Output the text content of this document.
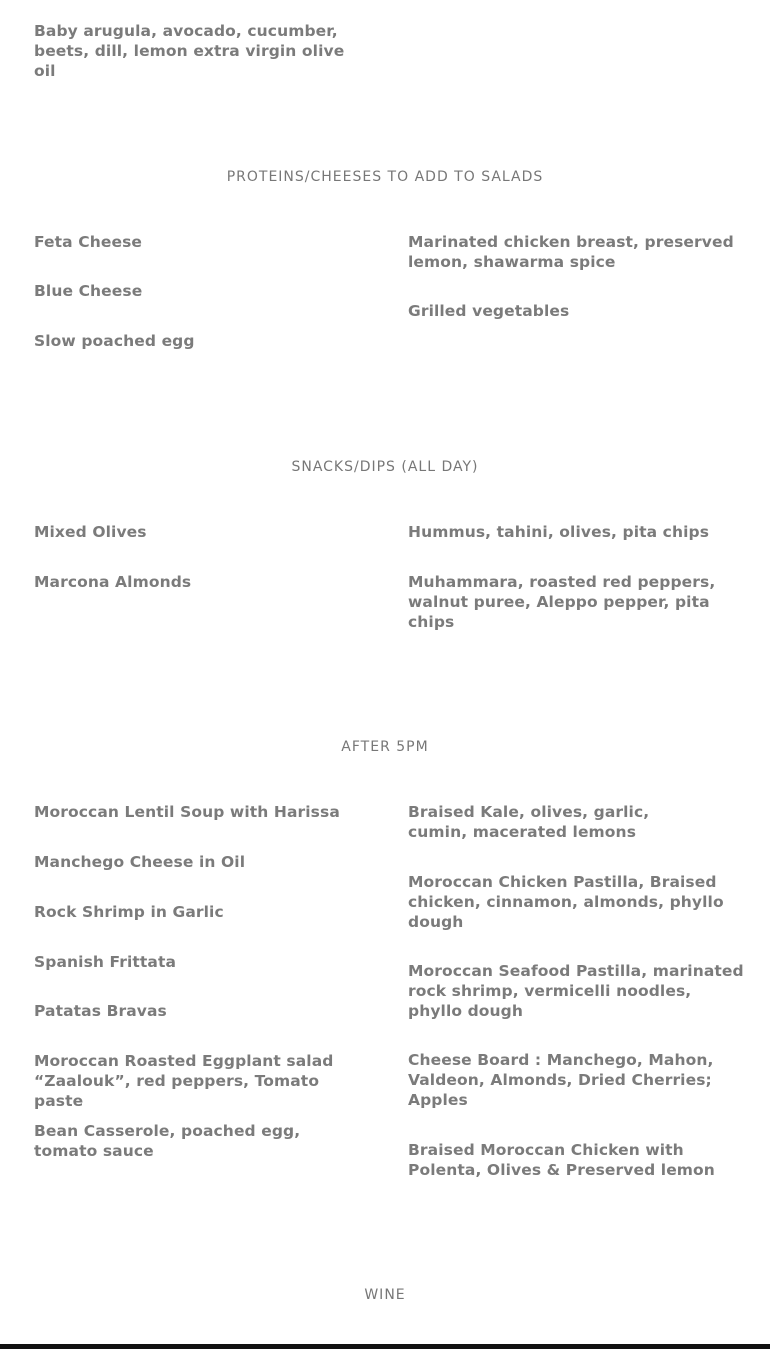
Baby arugula, avocado, cucumber, beets, dill, lemon extra virgin olive oil
PROTEINS/CHEESES TO ADD TO SALADS
Feta Cheese
Blue Cheese
Slow poached egg
Marinated chicken breast, preserved lemon, shawarma spice
Grilled vegetables
SNACKS/DIPS (ALL DAY)
Mixed Olives
Marcona Almonds
Hummus, tahini, olives, pita chips
Muhammara, roasted red peppers, walnut puree, Aleppo pepper, pita chips
AFTER 5PM
Moroccan Lentil Soup with Harissa
Manchego Cheese in Oil
Rock Shrimp in Garlic
Spanish Frittata
Patatas Bravas
Moroccan Roasted Eggplant salad “Zaalouk”, red peppers, Tomato paste
Bean Casserole, poached egg, tomato sauce
Braised Kale, olives, garlic, cumin, macerated lemons
Moroccan Chicken Pastilla, Braised chicken, cinnamon, almonds, phyllo dough
Moroccan Seafood Pastilla, marinated rock shrimp, vermicelli noodles, phyllo dough
Cheese Board : Manchego, Mahon, Valdeon, Almonds, Dried Cherries; Apples
Braised Moroccan Chicken with Polenta, Olives & Preserved lemon
WINE
